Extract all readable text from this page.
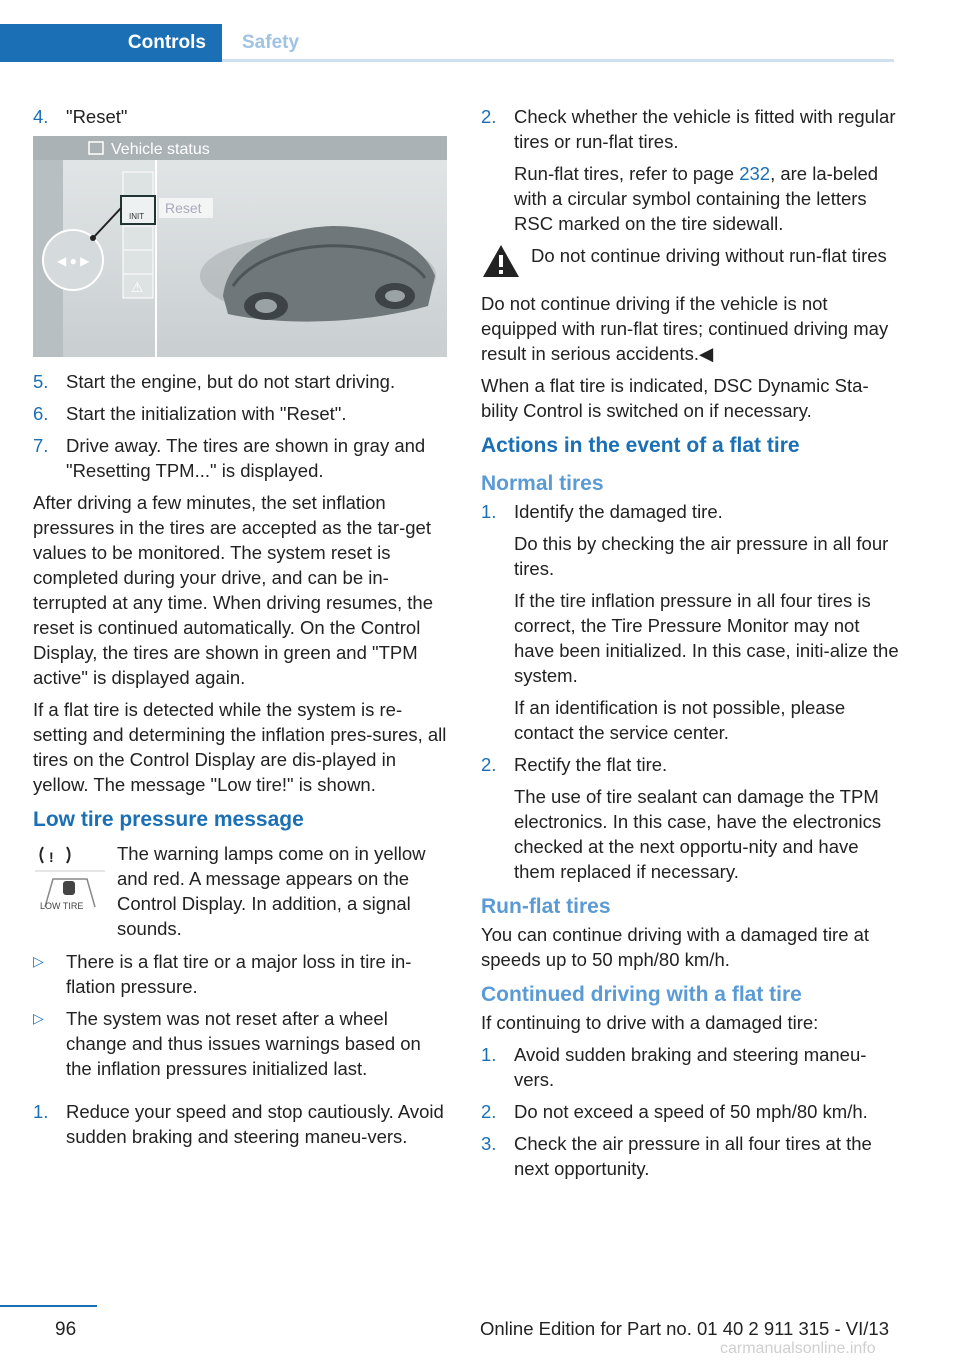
Controls	Safety
4. "Reset"
Vehicle status
◀ ● ▶
INIT
⚠
Reset
5. Start the engine, but do not start driving.
6. Start the initialization with "Reset".
7. Drive away. The tires are shown in gray and "Resetting TPM..." is displayed.

After driving a few minutes, the set inflation pressures in the tires are accepted as the tar-get values to be monitored. The system reset is completed during your drive, and can be in-terrupted at any time. When driving resumes, the reset is continued automatically. On the Control Display, the tires are shown in green and "TPM active" is displayed again.

If a flat tire is detected while the system is re-setting and determining the inflation pres-sures, all tires on the Control Display are dis-played in yellow. The message "Low tire!" is shown.

Low tire pressure message
!
LOW TIRE
The warning lamps come on in yellow and red. A message appears on the Control Display. In addition, a signal sounds.
▷	There is a flat tire or a major loss in tire in-flation pressure.
▷	The system was not reset after a wheel change and thus issues warnings based on the inflation pressures initialized last.
1. Reduce your speed and stop cautiously. Avoid sudden braking and steering maneu-vers.
2. Check whether the vehicle is fitted with regular tires or run-flat tires.
Run-flat tires, refer to page 232, are la-beled with a circular symbol containing the letters RSC marked on the tire sidewall.
Do not continue driving without run-flat tires

Do not continue driving if the vehicle is not equipped with run-flat tires; continued driving may result in serious accidents.◀

When a flat tire is indicated, DSC Dynamic Sta-bility Control is switched on if necessary.

Actions in the event of a flat tire
Normal tires
1. Identify the damaged tire.
Do this by checking the air pressure in all four tires.
If the tire inflation pressure in all four tires is correct, the Tire Pressure Monitor may not have been initialized. In this case, initi-alize the system.
If an identification is not possible, please contact the service center.
2. Rectify the flat tire.
The use of tire sealant can damage the TPM electronics. In this case, have the electronics checked at the next opportu-nity and have them replaced if necessary.
Run-flat tires

You can continue driving with a damaged tire at speeds up to 50 mph/80 km/h.

Continued driving with a flat tire

If continuing to drive with a damaged tire:

1. Avoid sudden braking and steering maneu-vers.
2. Do not exceed a speed of 50 mph/80 km/h.
3. Check the air pressure in all four tires at the next opportunity.
96	Online Edition for Part no. 01 40 2 911 315 - VI/13
carmanualsonline.info
